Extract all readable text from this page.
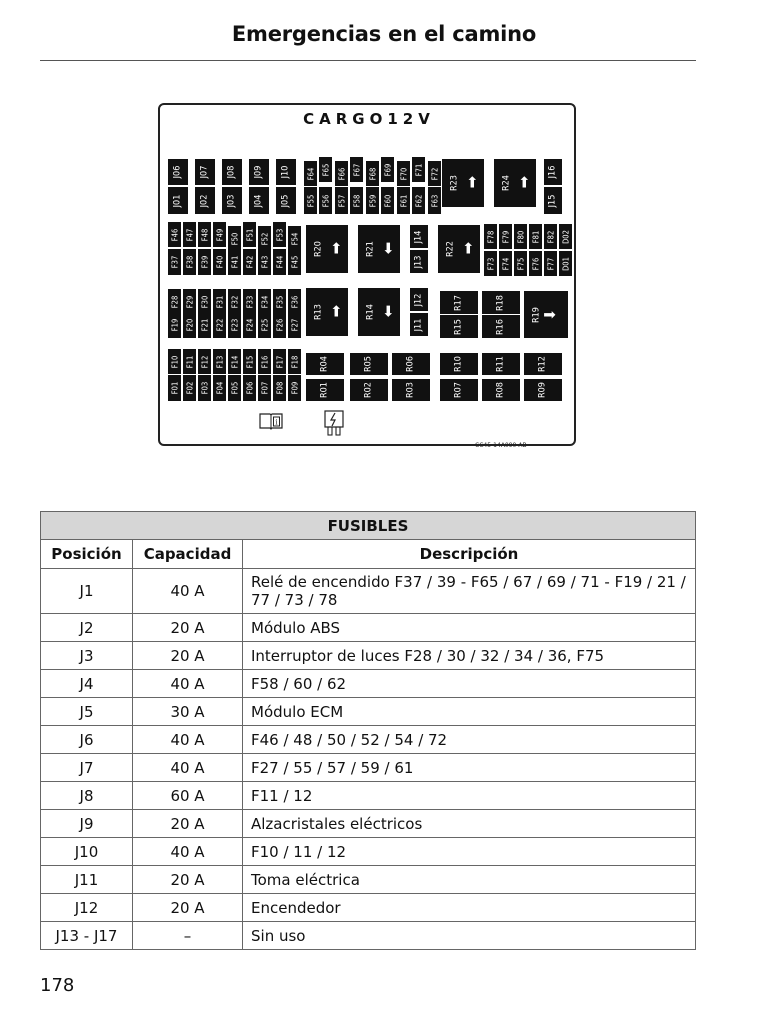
Emergencias en el camino
CARGO12V
i
CC45-14A090-AB
F55 F56 F57 F58 F59 F60 F61 F62 F63
F64	F66	F68	F70	F72
F65	F67	F69	F71
J06 J07 J08 J09 J10
J01 J02 J03 J04 J05
⬆
R23	⬆
R24
J16
J15
F46 F47 F48 F49	F51	F53
F50	F52	F54
F37 F38 F39 F40 F41 F42 F43 F44 F45
F28 F29 F30 F31 F32 F33 F34 F35 F36
F19 F20 F21 F22 F23 F24 F25 F26 F27
F10 F11 F12 F13 F14 F15 F16 F17 F18
F01 F02 F03 F04 F05 F06 F07 F08 F09
⬆
R20	⬇
R21
J14
J13
⬆
R22
F78 F79 F80 F81 F82 D02
F73 F74 F75 F76 F77 D01
⬆
R13	⬇
R14
J12
J11
R17	R18
R15	R16
➡
R19
R04	R05	R06	R10	R11	R12
R01	R02	R03	R07	R08	R09
FUSIBLES		
Posición	Capacidad	Descripción
J1	40 A	Relé de encendido F37 / 39 - F65 / 67 / 69 / 71 - F19 / 21 / 77 / 73 / 78
J2	20 A	Módulo ABS
J3	20 A	Interruptor de luces F28 / 30 / 32 / 34 / 36, F75
J4	40 A	F58 / 60 / 62
J5	30 A	Módulo ECM
J6	40 A	F46 / 48 / 50 / 52 / 54 / 72
J7	40 A	F27 / 55 / 57 / 59 / 61
J8	60 A	F11 / 12
J9	20 A	Alzacristales eléctricos
J10	40 A	F10 / 11 / 12
J11	20 A	Toma eléctrica
J12	20 A	Encendedor
J13 - J17	–	Sin uso
178
